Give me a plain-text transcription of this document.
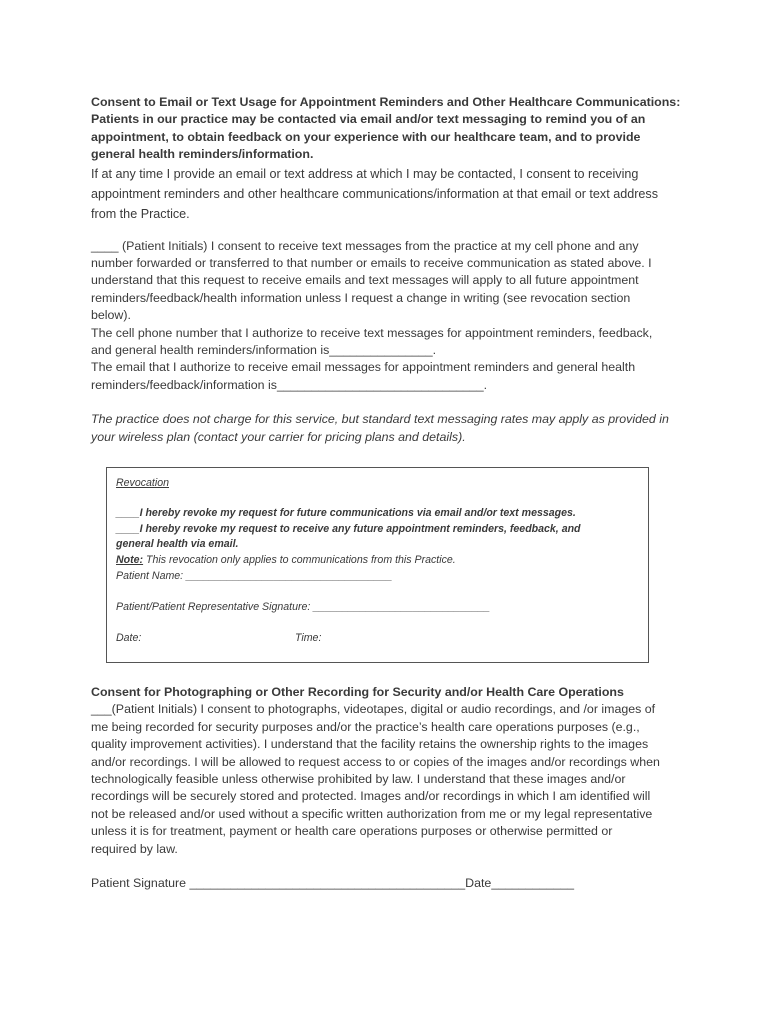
Consent to Email or Text Usage for Appointment Reminders and Other Healthcare Communications:
Patients in our practice may be contacted via email and/or text messaging to remind you of an
appointment, to obtain feedback on your experience with our healthcare team, and to provide
general health reminders/information.

If at any time I provide an email or text address at which I may be contacted, I consent to receiving
appointment reminders and other healthcare communications/information at that email or text address
from the Practice.

____ (Patient Initials) I consent to receive text messages from the practice at my cell phone and any
number forwarded or transferred to that number or emails to receive communication as stated above. I
understand that this request to receive emails and text messages will apply to all future appointment
reminders/feedback/health information unless I request a change in writing (see revocation section
below).
The cell phone number that I authorize to receive text messages for appointment reminders, feedback,
and general health reminders/information is_______________.
The email that I authorize to receive email messages for appointment reminders and general health
reminders/feedback/information is______________________________.

The practice does not charge for this service, but standard text messaging rates may apply as provided in
your wireless plan (contact your carrier for pricing plans and details).

Revocation

____I hereby revoke my request for future communications via email and/or text messages.

____I hereby revoke my request to receive any future appointment reminders, feedback, and
general health via email.

Note: This revocation only applies to communications from this Practice.

Patient Name: ___________________________________

Patient/Patient Representative Signature: ______________________________

Date:	Time:

Consent for Photographing or Other Recording for Security and/or Health Care Operations

___(Patient Initials) I consent to photographs, videotapes, digital or audio recordings, and /or images of
me being recorded for security purposes and/or the practice’s health care operations purposes (e.g.,
quality improvement activities). I understand that the facility retains the ownership rights to the images
and/or recordings. I will be allowed to request access to or copies of the images and/or recordings when
technologically feasible unless otherwise prohibited by law. I understand that these images and/or
recordings will be securely stored and protected. Images and/or recordings in which I am identified will
not be released and/or used without a specific written authorization from me or my legal representative
unless it is for treatment, payment or health care operations purposes or otherwise permitted or
required by law.

Patient Signature ________________________________________Date____________
